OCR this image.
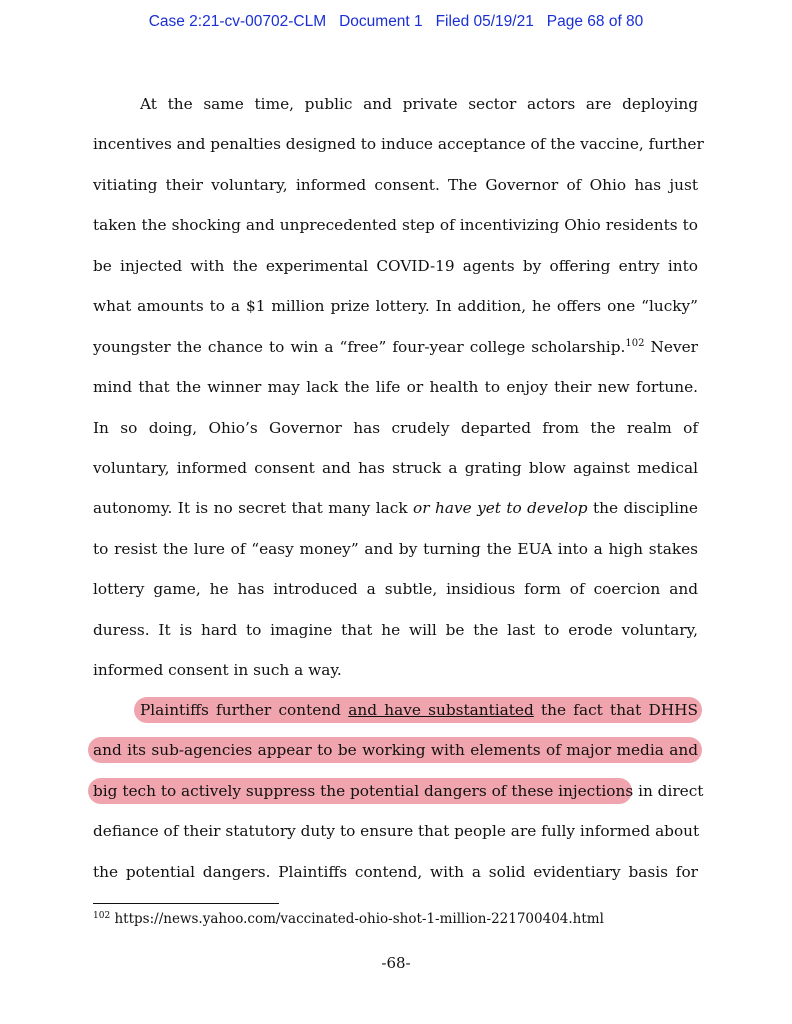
Case 2:21-cv-00702-CLM Document 1 Filed 05/19/21 Page 68 of 80
At the same time, public and private sector actors are deploying
incentives and penalties designed to induce acceptance of the vaccine, further
vitiating their voluntary, informed consent. The Governor of Ohio has just
taken the shocking and unprecedented step of incentivizing Ohio residents to
be injected with the experimental COVID-19 agents by offering entry into
what amounts to a $1 million prize lottery. In addition, he offers one “lucky”
youngster the chance to win a “free” four-year college scholarship.$^{102}$ Never
mind that the winner may lack the life or health to enjoy their new fortune.
In so doing, Ohio’s Governor has crudely departed from the realm of
voluntary, informed consent and has struck a grating blow against medical
autonomy. It is no secret that many lack or have yet to develop the discipline
to resist the lure of “easy money” and by turning the EUA into a high stakes
lottery game, he has introduced a subtle, insidious form of coercion and
duress. It is hard to imagine that he will be the last to erode voluntary,
informed consent in such a way.
Plaintiffs further contend and have substantiated the fact that DHHS
and its sub-agencies appear to be working with elements of major media and
big tech to actively suppress the potential dangers of these injections in direct
defiance of their statutory duty to ensure that people are fully informed about
the potential dangers. Plaintiffs contend, with a solid evidentiary basis for
$^{102}$ https://news.yahoo.com/vaccinated-ohio-shot-1-million-221700404.html
-68-
